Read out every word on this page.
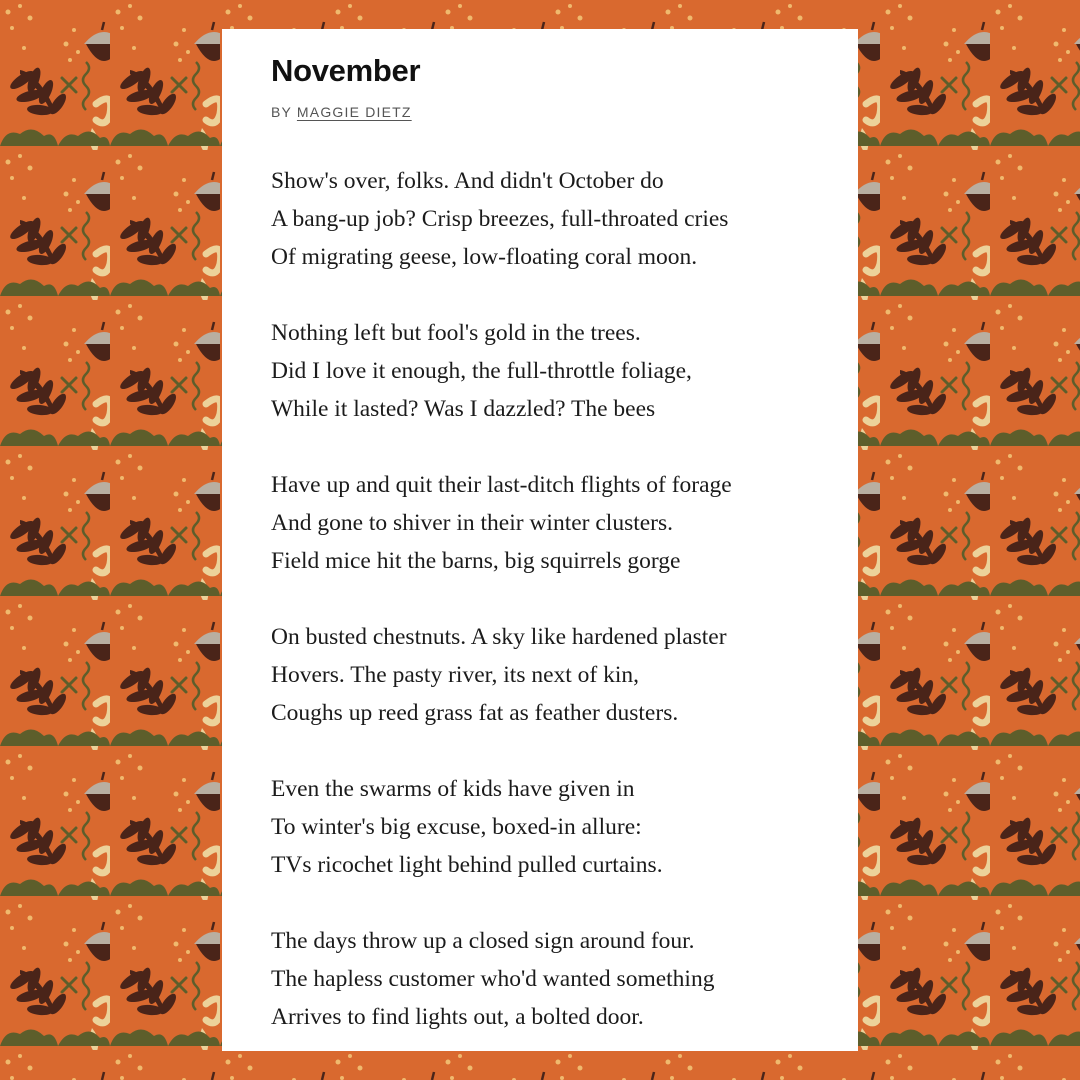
November
BY MAGGIE DIETZ
Show's over, folks. And didn't October do
A bang-up job? Crisp breezes, full-throated cries
Of migrating geese, low-floating coral moon.
Nothing left but fool's gold in the trees.
Did I love it enough, the full-throttle foliage,
While it lasted? Was I dazzled? The bees
Have up and quit their last-ditch flights of forage
And gone to shiver in their winter clusters.
Field mice hit the barns, big squirrels gorge
On busted chestnuts. A sky like hardened plaster
Hovers. The pasty river, its next of kin,
Coughs up reed grass fat as feather dusters.
Even the swarms of kids have given in
To winter's big excuse, boxed-in allure:
TVs ricochet light behind pulled curtains.
The days throw up a closed sign around four.
The hapless customer who'd wanted something
Arrives to find lights out, a bolted door.
